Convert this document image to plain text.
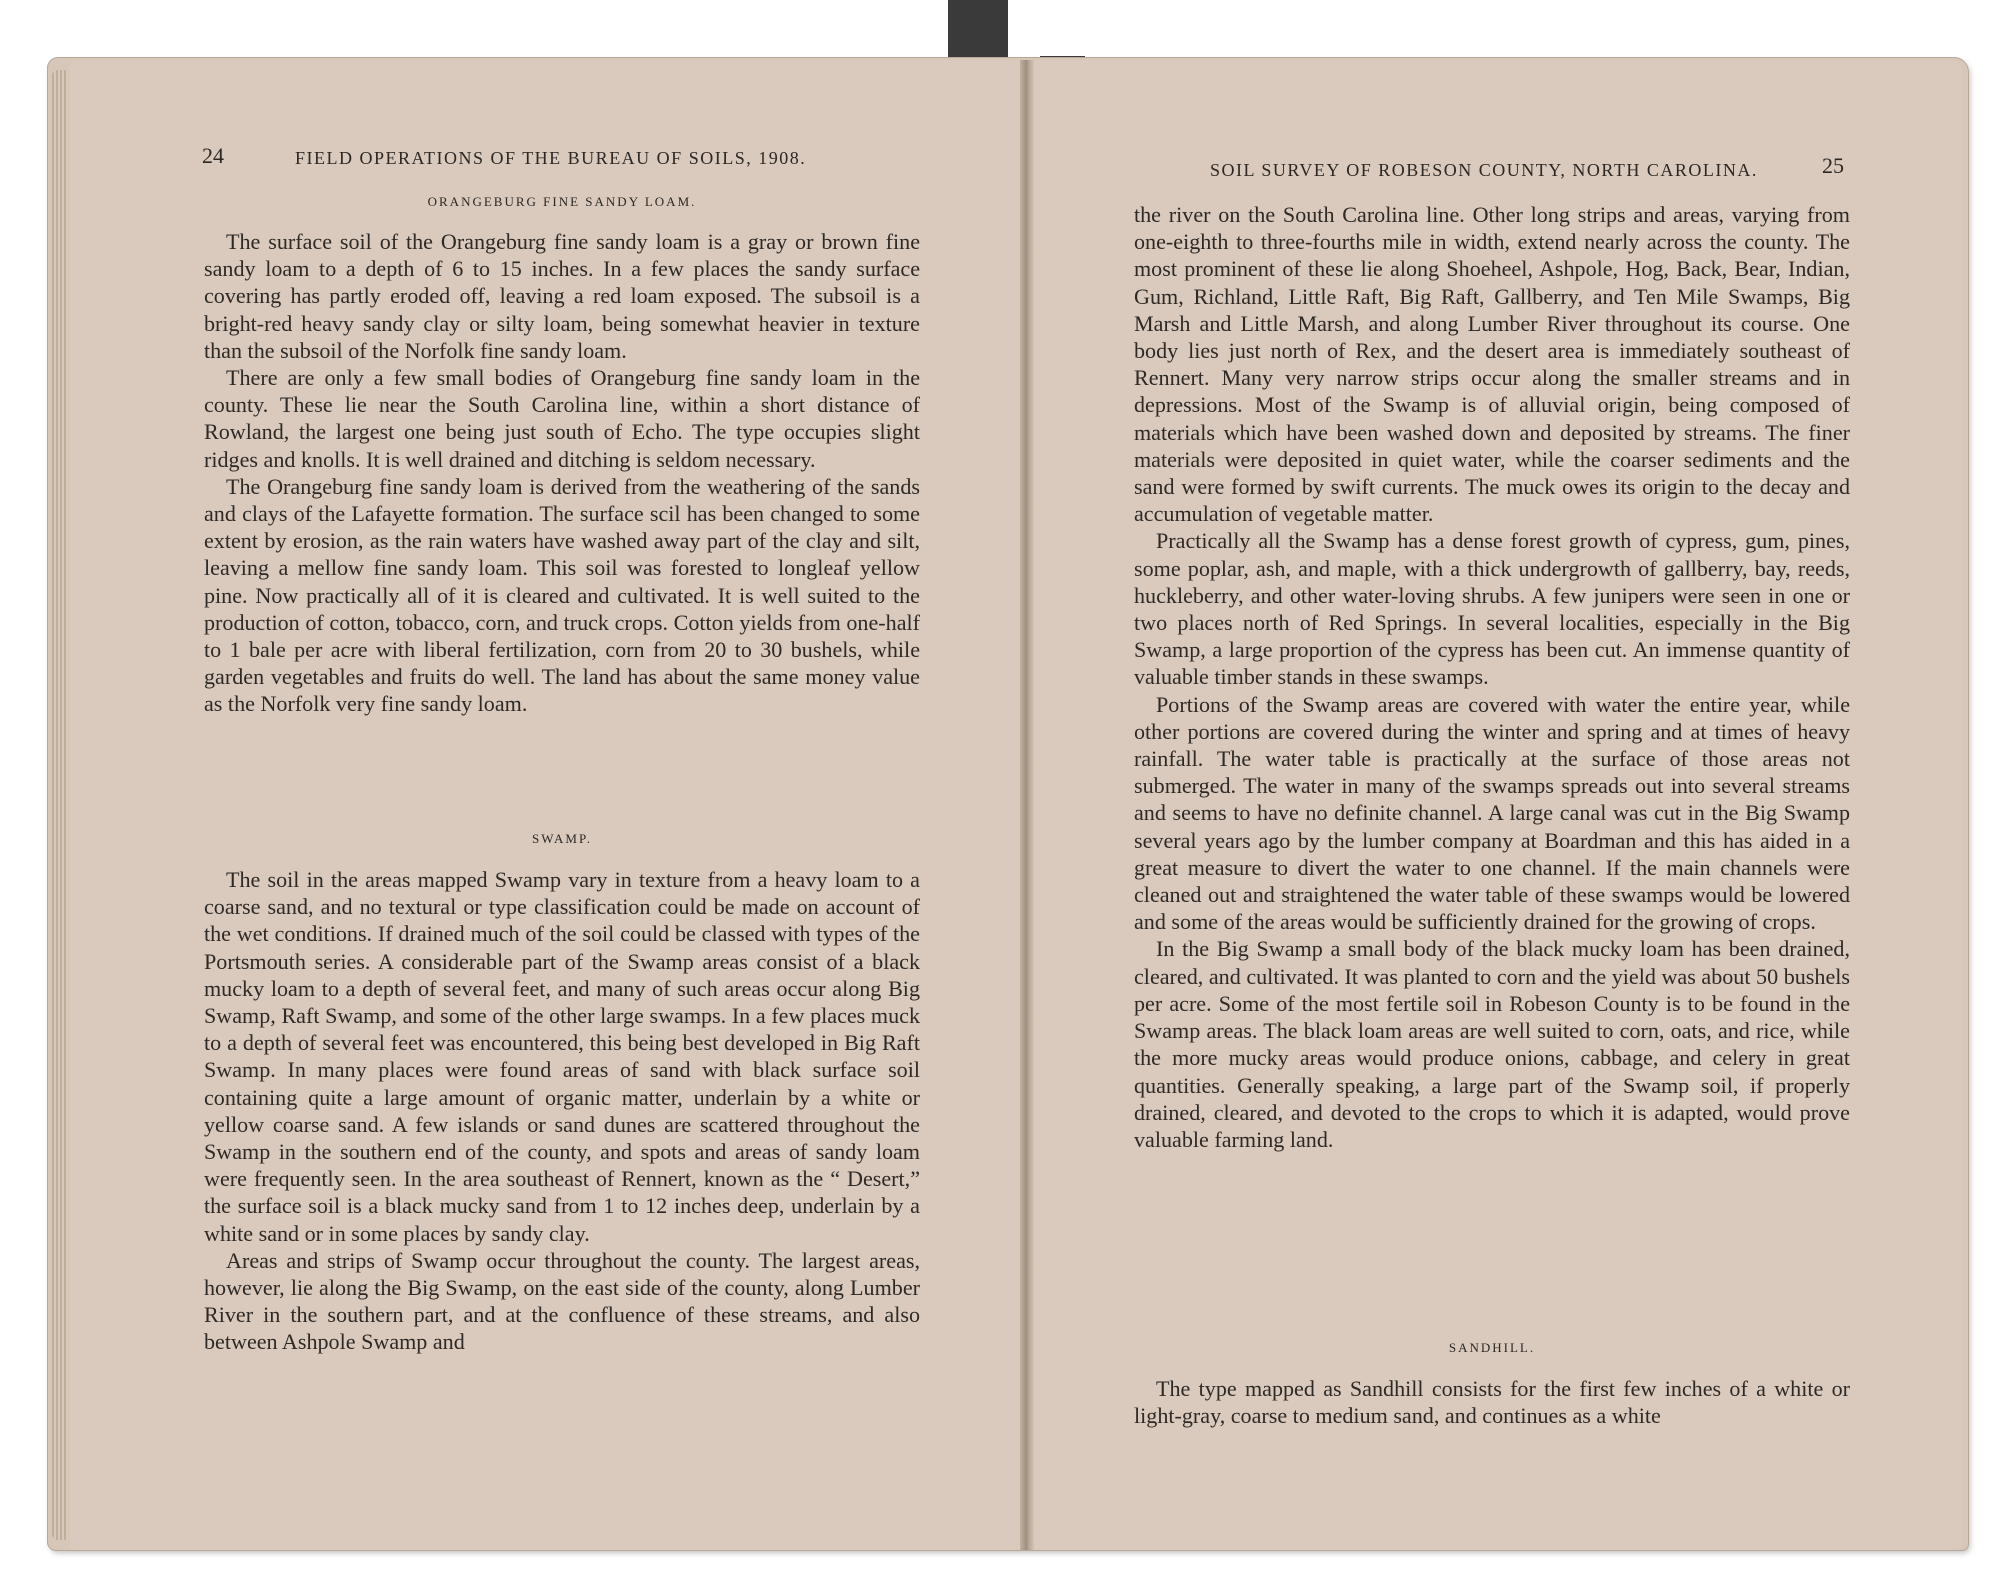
24	FIELD OPERATIONS OF THE BUREAU OF SOILS, 1908.
ORANGEBURG FINE SANDY LOAM.

The surface soil of the Orangeburg fine sandy loam is a gray or brown fine sandy loam to a depth of 6 to 15 inches. In a few places the sandy surface covering has partly eroded off, leaving a red loam exposed. The subsoil is a bright-red heavy sandy clay or silty loam, being somewhat heavier in texture than the subsoil of the Norfolk fine sandy loam.

There are only a few small bodies of Orangeburg fine sandy loam in the county. These lie near the South Carolina line, within a short distance of Rowland, the largest one being just south of Echo. The type occupies slight ridges and knolls. It is well drained and ditching is seldom necessary.

The Orangeburg fine sandy loam is derived from the weathering of the sands and clays of the Lafayette formation. The surface scil has been changed to some extent by erosion, as the rain waters have washed away part of the clay and silt, leaving a mellow fine sandy loam. This soil was forested to longleaf yellow pine. Now practically all of it is cleared and cultivated. It is well suited to the production of cotton, tobacco, corn, and truck crops. Cotton yields from one-half to 1 bale per acre with liberal fertilization, corn from 20 to 30 bushels, while garden vegetables and fruits do well. The land has about the same money value as the Norfolk very fine sandy loam.

SWAMP.

The soil in the areas mapped Swamp vary in texture from a heavy loam to a coarse sand, and no textural or type classification could be made on account of the wet conditions. If drained much of the soil could be classed with types of the Portsmouth series. A considerable part of the Swamp areas consist of a black mucky loam to a depth of several feet, and many of such areas occur along Big Swamp, Raft Swamp, and some of the other large swamps. In a few places muck to a depth of several feet was encountered, this being best developed in Big Raft Swamp. In many places were found areas of sand with black surface soil containing quite a large amount of organic matter, underlain by a white or yellow coarse sand. A few islands or sand dunes are scattered throughout the Swamp in the southern end of the county, and spots and areas of sandy loam were frequently seen. In the area southeast of Rennert, known as the “ Desert,” the surface soil is a black mucky sand from 1 to 12 inches deep, underlain by a white sand or in some places by sandy clay.

Areas and strips of Swamp occur throughout the county. The largest areas, however, lie along the Big Swamp, on the east side of the county, along Lumber River in the southern part, and at the confluence of these streams, and also between Ashpole Swamp and

SOIL SURVEY OF ROBESON COUNTY, NORTH CAROLINA.	25

the river on the South Carolina line. Other long strips and areas, varying from one-eighth to three-fourths mile in width, extend nearly across the county. The most prominent of these lie along Shoeheel, Ashpole, Hog, Back, Bear, Indian, Gum, Richland, Little Raft, Big Raft, Gallberry, and Ten Mile Swamps, Big Marsh and Little Marsh, and along Lumber River throughout its course. One body lies just north of Rex, and the desert area is immediately southeast of Rennert. Many very narrow strips occur along the smaller streams and in depressions. Most of the Swamp is of alluvial origin, being composed of materials which have been washed down and deposited by streams. The finer materials were deposited in quiet water, while the coarser sediments and the sand were formed by swift currents. The muck owes its origin to the decay and accumulation of vegetable matter.

Practically all the Swamp has a dense forest growth of cypress, gum, pines, some poplar, ash, and maple, with a thick undergrowth of gallberry, bay, reeds, huckleberry, and other water-loving shrubs. A few junipers were seen in one or two places north of Red Springs. In several localities, especially in the Big Swamp, a large proportion of the cypress has been cut. An immense quantity of valuable timber stands in these swamps.

Portions of the Swamp areas are covered with water the entire year, while other portions are covered during the winter and spring and at times of heavy rainfall. The water table is practically at the surface of those areas not submerged. The water in many of the swamps spreads out into several streams and seems to have no definite channel. A large canal was cut in the Big Swamp several years ago by the lumber company at Boardman and this has aided in a great measure to divert the water to one channel. If the main channels were cleaned out and straightened the water table of these swamps would be lowered and some of the areas would be sufficiently drained for the growing of crops.

In the Big Swamp a small body of the black mucky loam has been drained, cleared, and cultivated. It was planted to corn and the yield was about 50 bushels per acre. Some of the most fertile soil in Robeson County is to be found in the Swamp areas. The black loam areas are well suited to corn, oats, and rice, while the more mucky areas would produce onions, cabbage, and celery in great quantities. Generally speaking, a large part of the Swamp soil, if properly drained, cleared, and devoted to the crops to which it is adapted, would prove valuable farming land.

SANDHILL.

The type mapped as Sandhill consists for the first few inches of a white or light-gray, coarse to medium sand, and continues as a white
